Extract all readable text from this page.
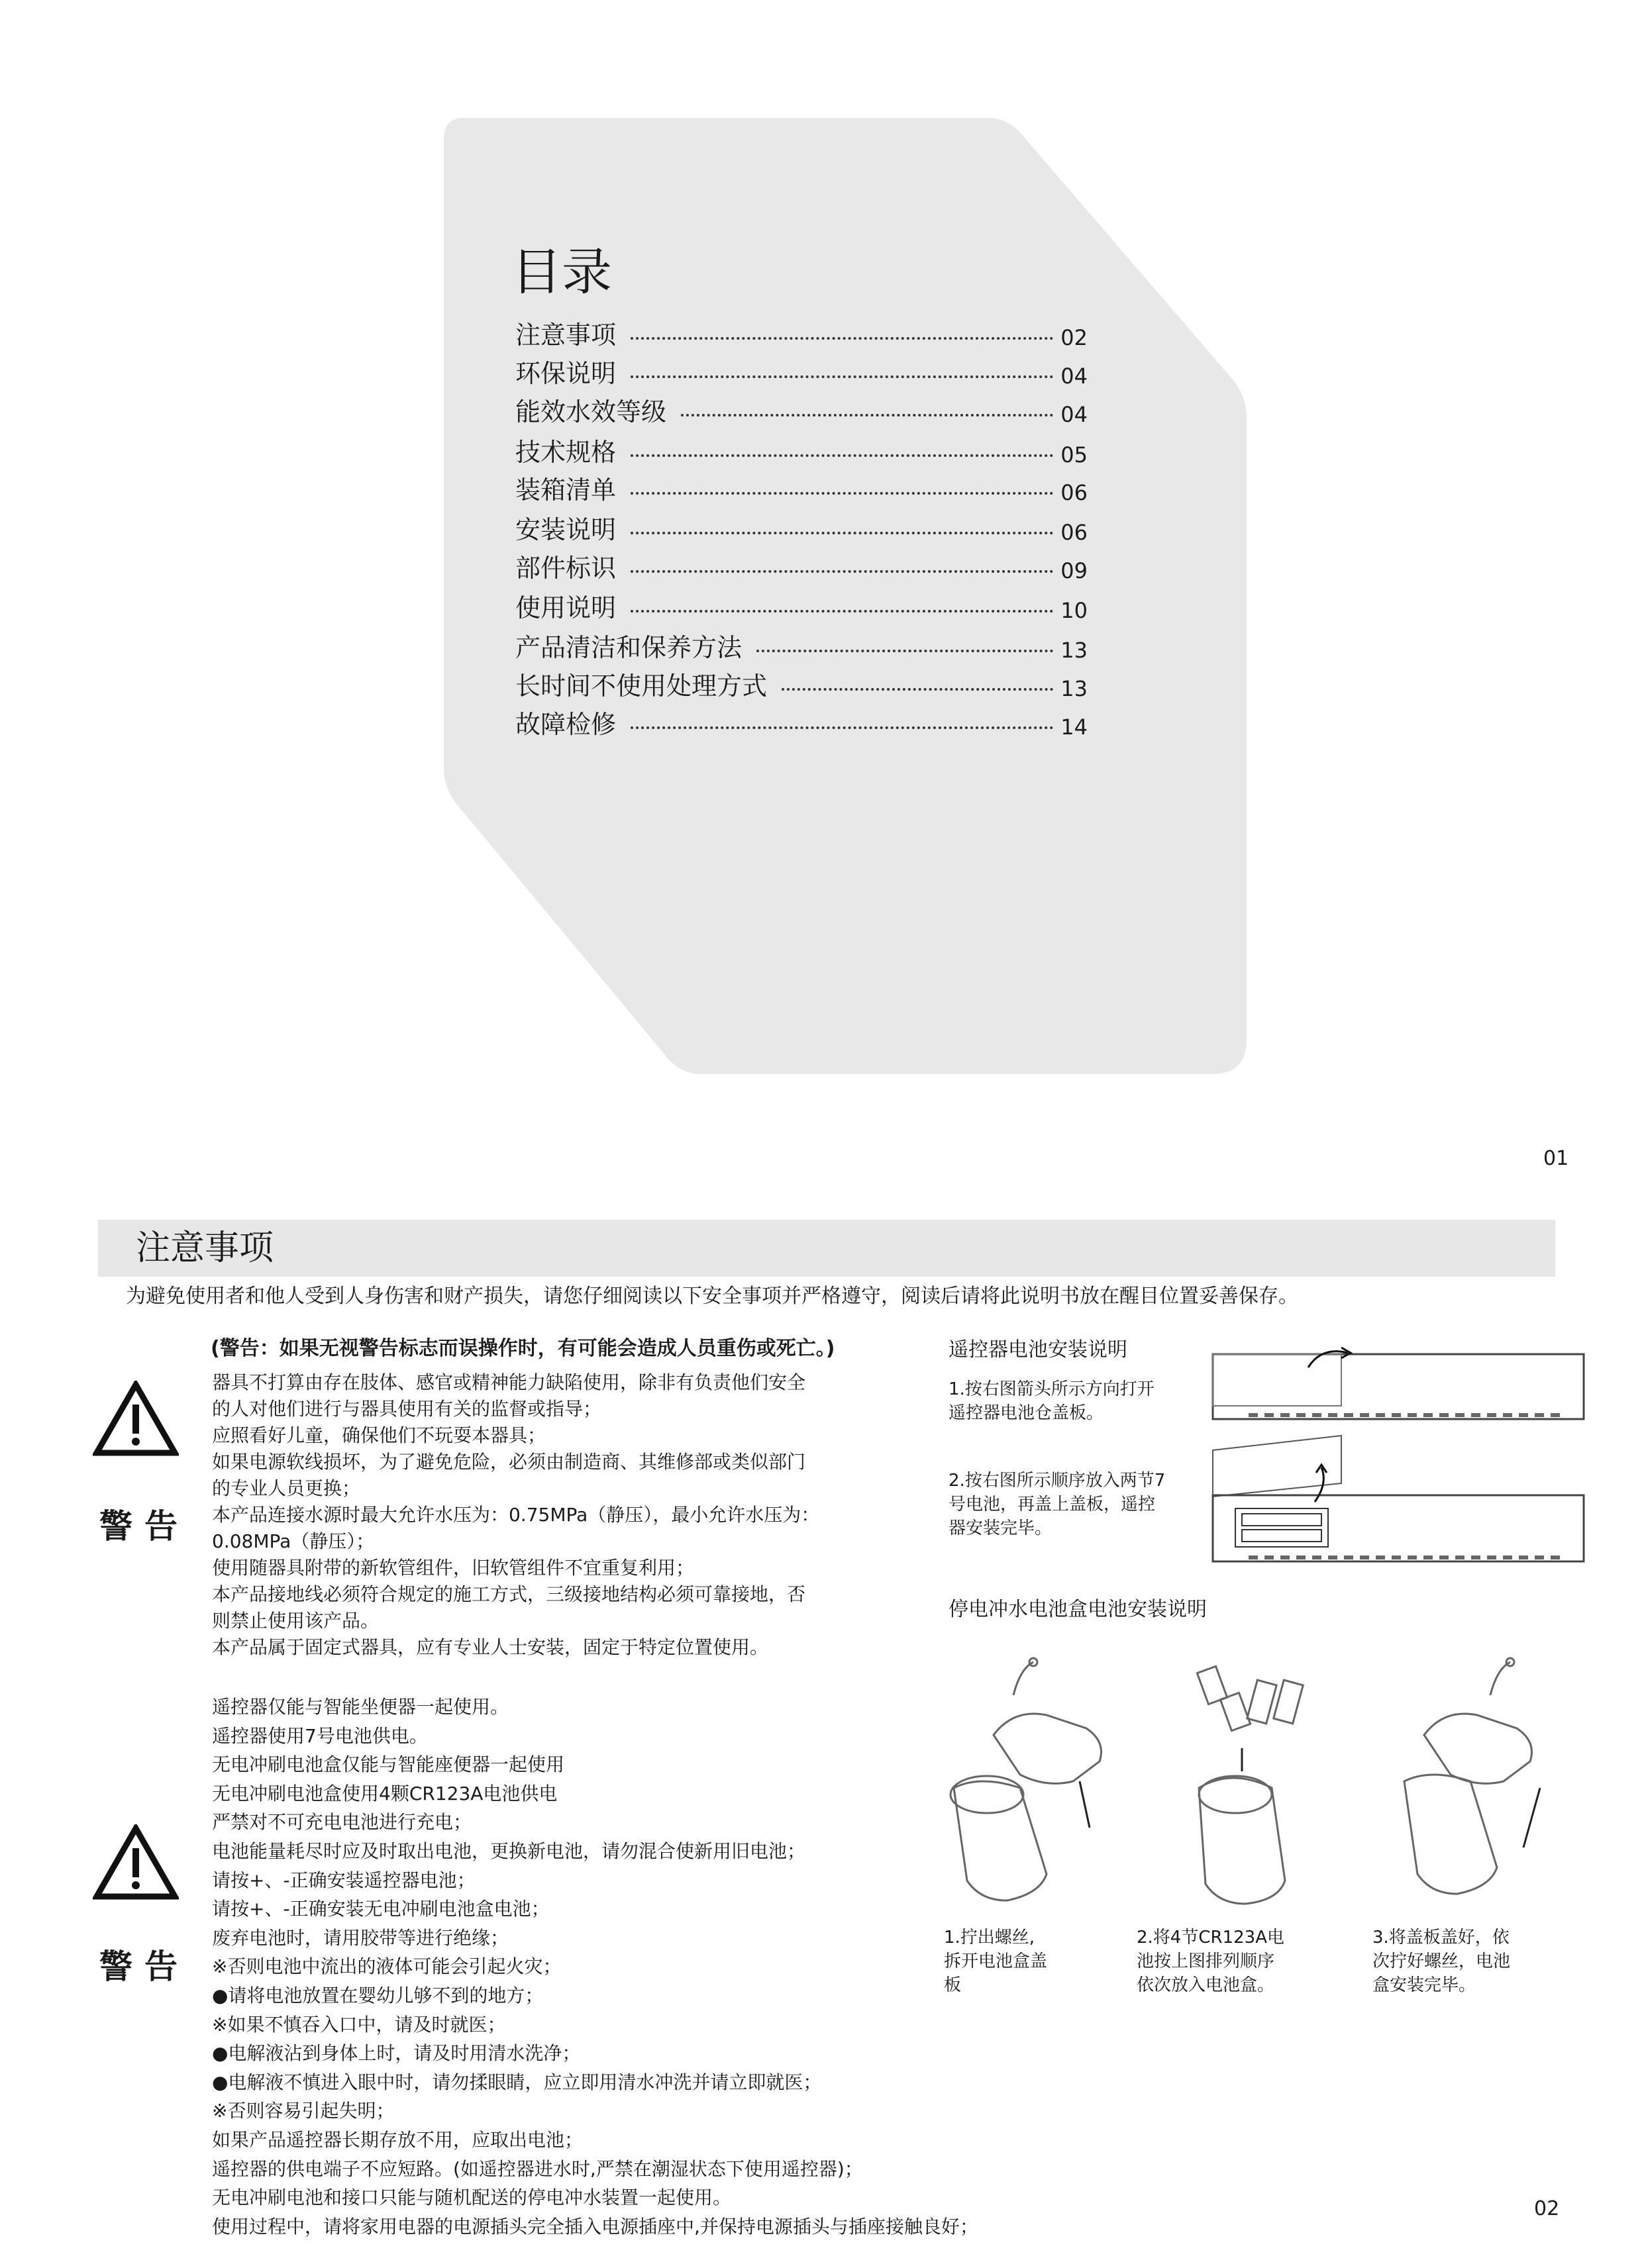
目录
注意事项	02
环保说明	04
能效水效等级	04
技术规格	05
装箱清单	06
安装说明	06
部件标识	09
使用说明	10
产品清洁和保养方法	13
长时间不使用处理方式	13
故障检修	14
01
注意事项
为避免使用者和他人受到人身伤害和财产损失，请您仔细阅读以下安全事项并严格遵守，阅读后请将此说明书放在醒目位置妥善保存。
(警告：如果无视警告标志而误操作时，有可能会造成人员重伤或死亡。)
警告
器具不打算由存在肢体、感官或精神能力缺陷使用，除非有负责他们安全
的人对他们进行与器具使用有关的监督或指导；
应照看好儿童，确保他们不玩耍本器具；
如果电源软线损坏，为了避免危险，必须由制造商、其维修部或类似部门
的专业人员更换；
本产品连接水源时最大允许水压为：0.75MPa（静压），最小允许水压为：
0.08MPa（静压）；
使用随器具附带的新软管组件，旧软管组件不宜重复利用；
本产品接地线必须符合规定的施工方式，三级接地结构必须可靠接地，否
则禁止使用该产品。
本产品属于固定式器具，应有专业人士安装，固定于特定位置使用。
警告
遥控器仅能与智能坐便器一起使用。
遥控器使用7号电池供电。
无电冲刷电池盒仅能与智能座便器一起使用
无电冲刷电池盒使用4颗CR123A电池供电
严禁对不可充电电池进行充电；
电池能量耗尽时应及时取出电池，更换新电池，请勿混合使新用旧电池；
请按+、-正确安装遥控器电池；
请按+、-正确安装无电冲刷电池盒电池；
废弃电池时，请用胶带等进行绝缘；
※否则电池中流出的液体可能会引起火灾；
●请将电池放置在婴幼儿够不到的地方；
※如果不慎吞入口中，请及时就医；
●电解液沾到身体上时，请及时用清水洗净；
●电解液不慎进入眼中时，请勿揉眼睛，应立即用清水冲洗并请立即就医；
※否则容易引起失明；
如果产品遥控器长期存放不用，应取出电池；
遥控器的供电端子不应短路。(如遥控器进水时,严禁在潮湿状态下使用遥控器)；
无电冲刷电池和接口只能与随机配送的停电冲水装置一起使用。
使用过程中，请将家用电器的电源插头完全插入电源插座中,并保持电源插头与插座接触良好；
遥控器电池安装说明
1.按右图箭头所示方向打开
遥控器电池仓盖板。
2.按右图所示顺序放入两节7
号电池，再盖上盖板，遥控
器安装完毕。
停电冲水电池盒电池安装说明
1.拧出螺丝,
拆开电池盒盖
板
2.将4节CR123A电
池按上图排列顺序
依次放入电池盒。
3.将盖板盖好，依
次拧好螺丝，电池
盒安装完毕。
02
